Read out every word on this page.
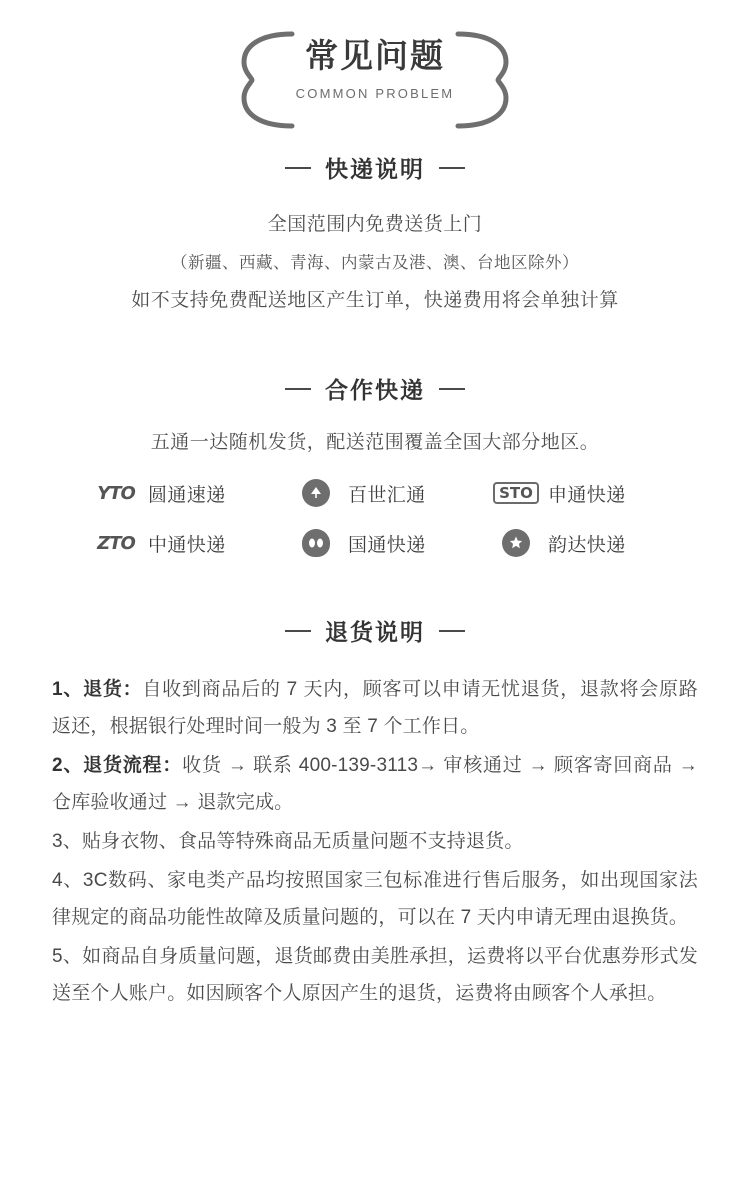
常见问题
COMMON PROBLEM
快递说明
全国范围内免费送货上门
（新疆、西藏、青海、内蒙古及港、澳、台地区除外）
如不支持免费配送地区产生订单，快递费用将会单独计算
合作快递
五通一达随机发货，配送范围覆盖全国大部分地区。
YTO 圆通速递	百世汇通	STO 申通快递
ZTO 中通快递	国通快递	韵达快递
退货说明

1、退货：自收到商品后的 7 天内，顾客可以申请无忧退货，退款将会原路返还，根据银行处理时间一般为 3 至 7 个工作日。

2、退货流程：收货 → 联系 400-139-3113→ 审核通过 → 顾客寄回商品 → 仓库验收通过 → 退款完成。

3、贴身衣物、食品等特殊商品无质量问题不支持退货。

4、3C数码、家电类产品均按照国家三包标准进行售后服务，如出现国家法律规定的商品功能性故障及质量问题的，可以在 7 天内申请无理由退换货。

5、如商品自身质量问题，退货邮费由美胜承担，运费将以平台优惠券形式发送至个人账户。如因顾客个人原因产生的退货，运费将由顾客个人承担。
